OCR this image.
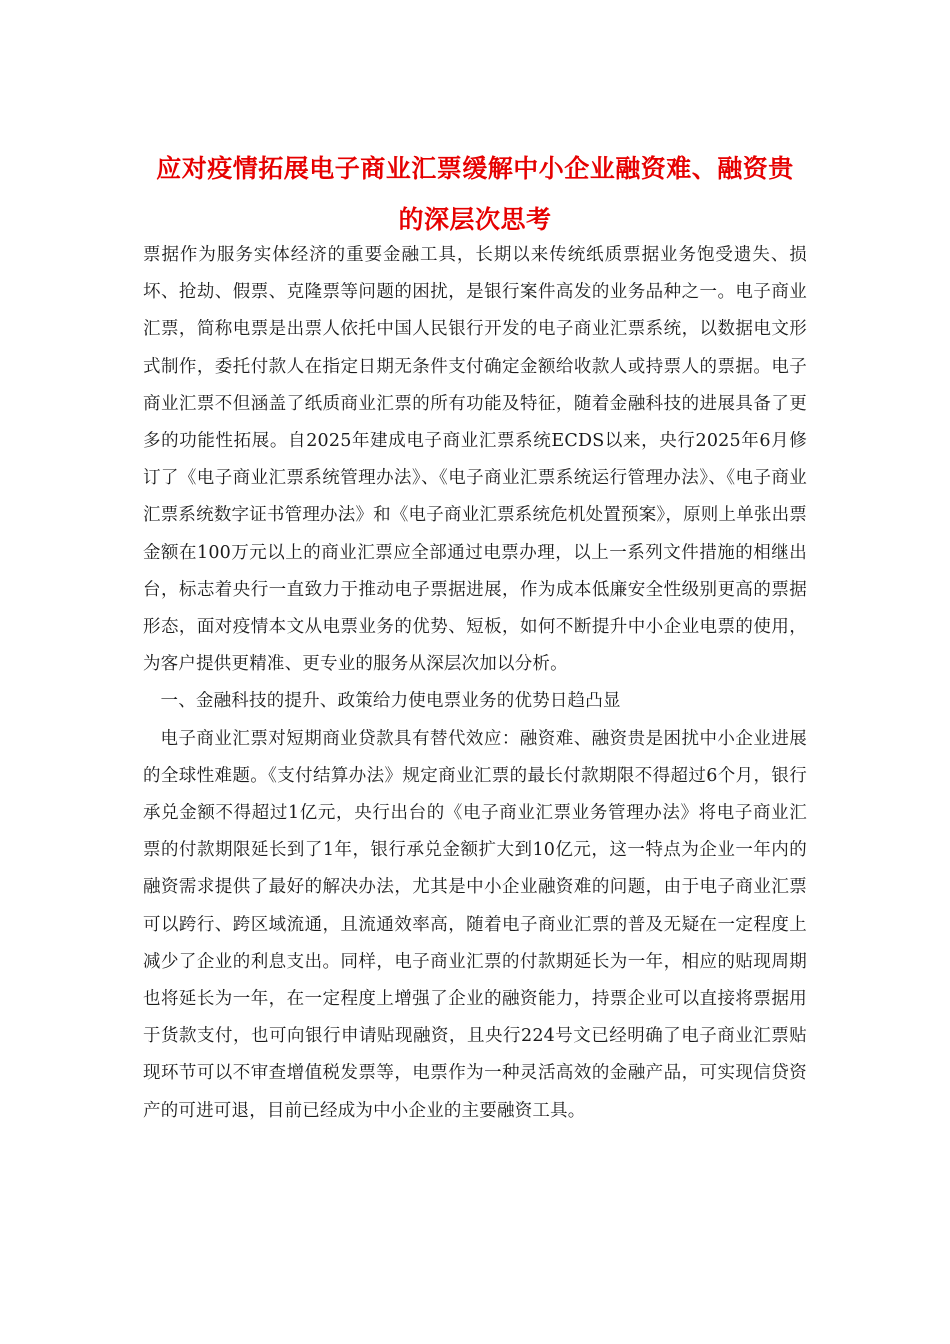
应对疫情拓展电子商业汇票缓解中小企业融资难、融资贵
的深层次思考

票据作为服务实体经济的重要金融工具，长期以来传统纸质票据业务饱受遗失、损坏、抢劫、假票、克隆票等问题的困扰，是银行案件高发的业务品种之一。电子商业汇票，简称电票是出票人依托中国人民银行开发的电子商业汇票系统，以数据电文形式制作，委托付款人在指定日期无条件支付确定金额给收款人或持票人的票据。电子商业汇票不但涵盖了纸质商业汇票的所有功能及特征，随着金融科技的进展具备了更多的功能性拓展。自2025年建成电子商业汇票系统ECDS以来，央行2025年6月修订了《电子商业汇票系统管理办法》、《电子商业汇票系统运行管理办法》、《电子商业汇票系统数字证书管理办法》和《电子商业汇票系统危机处置预案》，原则上单张出票金额在100万元以上的商业汇票应全部通过电票办理，以上一系列文件措施的相继出台，标志着央行一直致力于推动电子票据进展，作为成本低廉安全性级别更高的票据形态，面对疫情本文从电票业务的优势、短板，如何不断提升中小企业电票的使用，为客户提供更精准、更专业的服务从深层次加以分析。

一、金融科技的提升、政策给力使电票业务的优势日趋凸显

电子商业汇票对短期商业贷款具有替代效应：融资难、融资贵是困扰中小企业进展的全球性难题。《支付结算办法》规定商业汇票的最长付款期限不得超过6个月，银行承兑金额不得超过1亿元，央行出台的《电子商业汇票业务管理办法》将电子商业汇票的付款期限延长到了1年，银行承兑金额扩大到10亿元，这一特点为企业一年内的融资需求提供了最好的解决办法，尤其是中小企业融资难的问题，由于电子商业汇票可以跨行、跨区域流通，且流通效率高，随着电子商业汇票的普及无疑在一定程度上减少了企业的利息支出。同样，电子商业汇票的付款期延长为一年，相应的贴现周期也将延长为一年，在一定程度上增强了企业的融资能力，持票企业可以直接将票据用于货款支付，也可向银行申请贴现融资，且央行224号文已经明确了电子商业汇票贴现环节可以不审查增值税发票等，电票作为一种灵活高效的金融产品，可实现信贷资产的可进可退，目前已经成为中小企业的主要融资工具。
